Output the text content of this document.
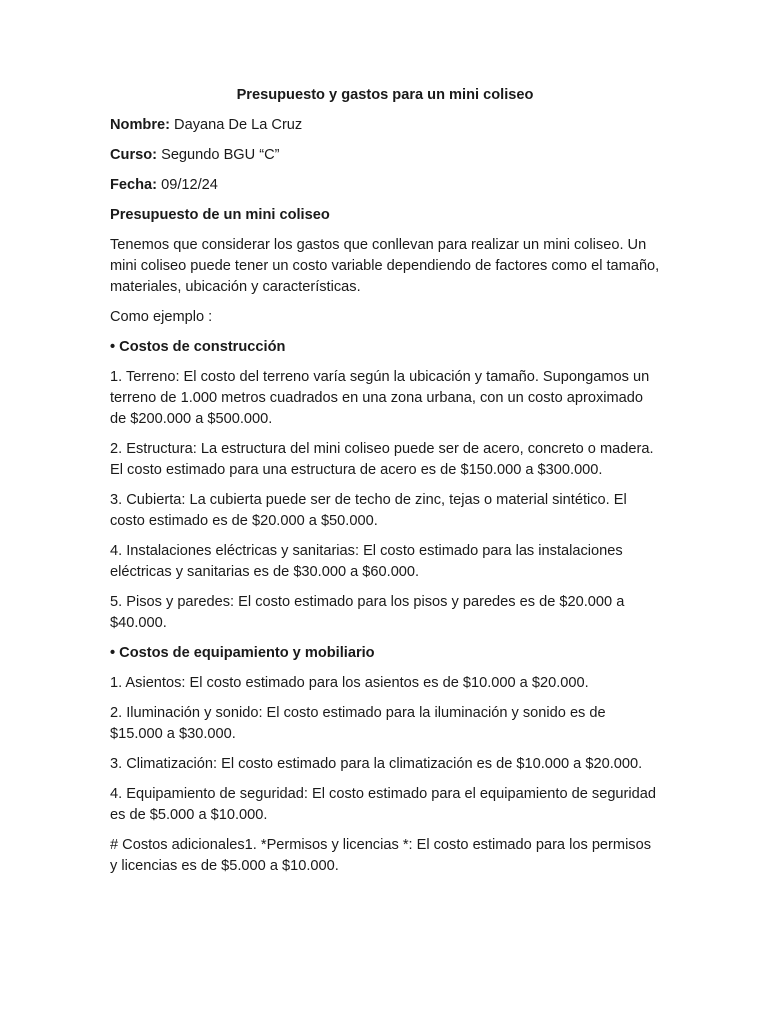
Presupuesto y gastos para un mini coliseo
Nombre: Dayana De La Cruz
Curso: Segundo BGU “C”
Fecha: 09/12/24
Presupuesto de un mini coliseo

Tenemos que considerar los gastos que conllevan para realizar un mini coliseo. Un mini coliseo puede tener un costo variable dependiendo de factores como el tamaño, materiales, ubicación y características.

Como ejemplo :

• Costos de construcción

1. Terreno: El costo del terreno varía según la ubicación y tamaño. Supongamos un terreno de 1.000 metros cuadrados en una zona urbana, con un costo aproximado de $200.000 a $500.000.

2. Estructura: La estructura del mini coliseo puede ser de acero, concreto o madera. El costo estimado para una estructura de acero es de $150.000 a $300.000.

3. Cubierta: La cubierta puede ser de techo de zinc, tejas o material sintético. El costo estimado es de $20.000 a $50.000.

4. Instalaciones eléctricas y sanitarias: El costo estimado para las instalaciones eléctricas y sanitarias es de $30.000 a $60.000.

5. Pisos y paredes: El costo estimado para los pisos y paredes es de $20.000 a $40.000.

• Costos de equipamiento y mobiliario

1. Asientos: El costo estimado para los asientos es de $10.000 a $20.000.

2. Iluminación y sonido: El costo estimado para la iluminación y sonido es de $15.000 a $30.000.

3. Climatización: El costo estimado para la climatización es de $10.000 a $20.000.

4. Equipamiento de seguridad: El costo estimado para el equipamiento de seguridad es de $5.000 a $10.000.

# Costos adicionales1. *Permisos y licencias *: El costo estimado para los permisos y licencias es de $5.000 a $10.000.
